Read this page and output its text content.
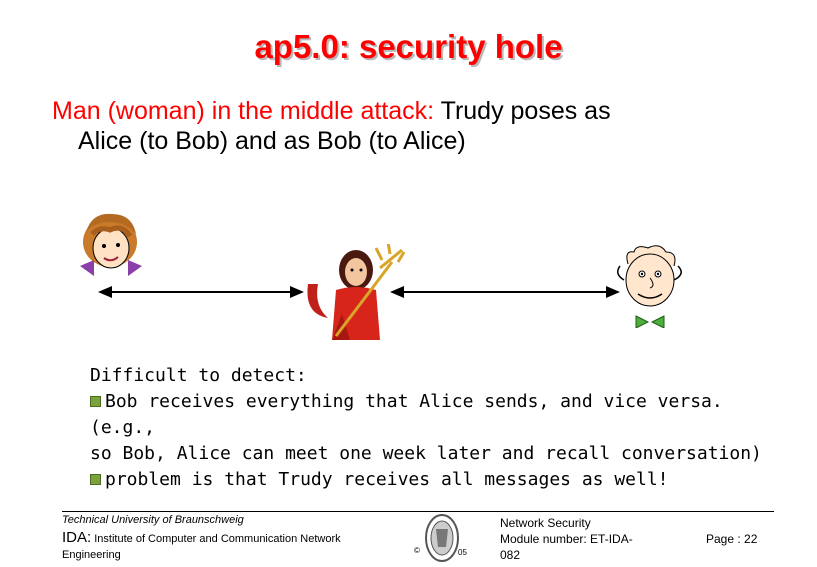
ap5.0: security hole
Man (woman) in the middle attack: Trudy poses as
Alice (to Bob) and as Bob (to Alice)
Difficult to detect:
Bob receives everything that Alice sends, and vice versa. (e.g.,
so Bob, Alice can meet one week later and recall conversation)
problem is that Trudy receives all messages as well!
Technical University of Braunschweig
IDA: Institute of Computer and Communication Network
Engineering	©	05
Network Security
Module number: ET-IDA-
082
Page : 22
